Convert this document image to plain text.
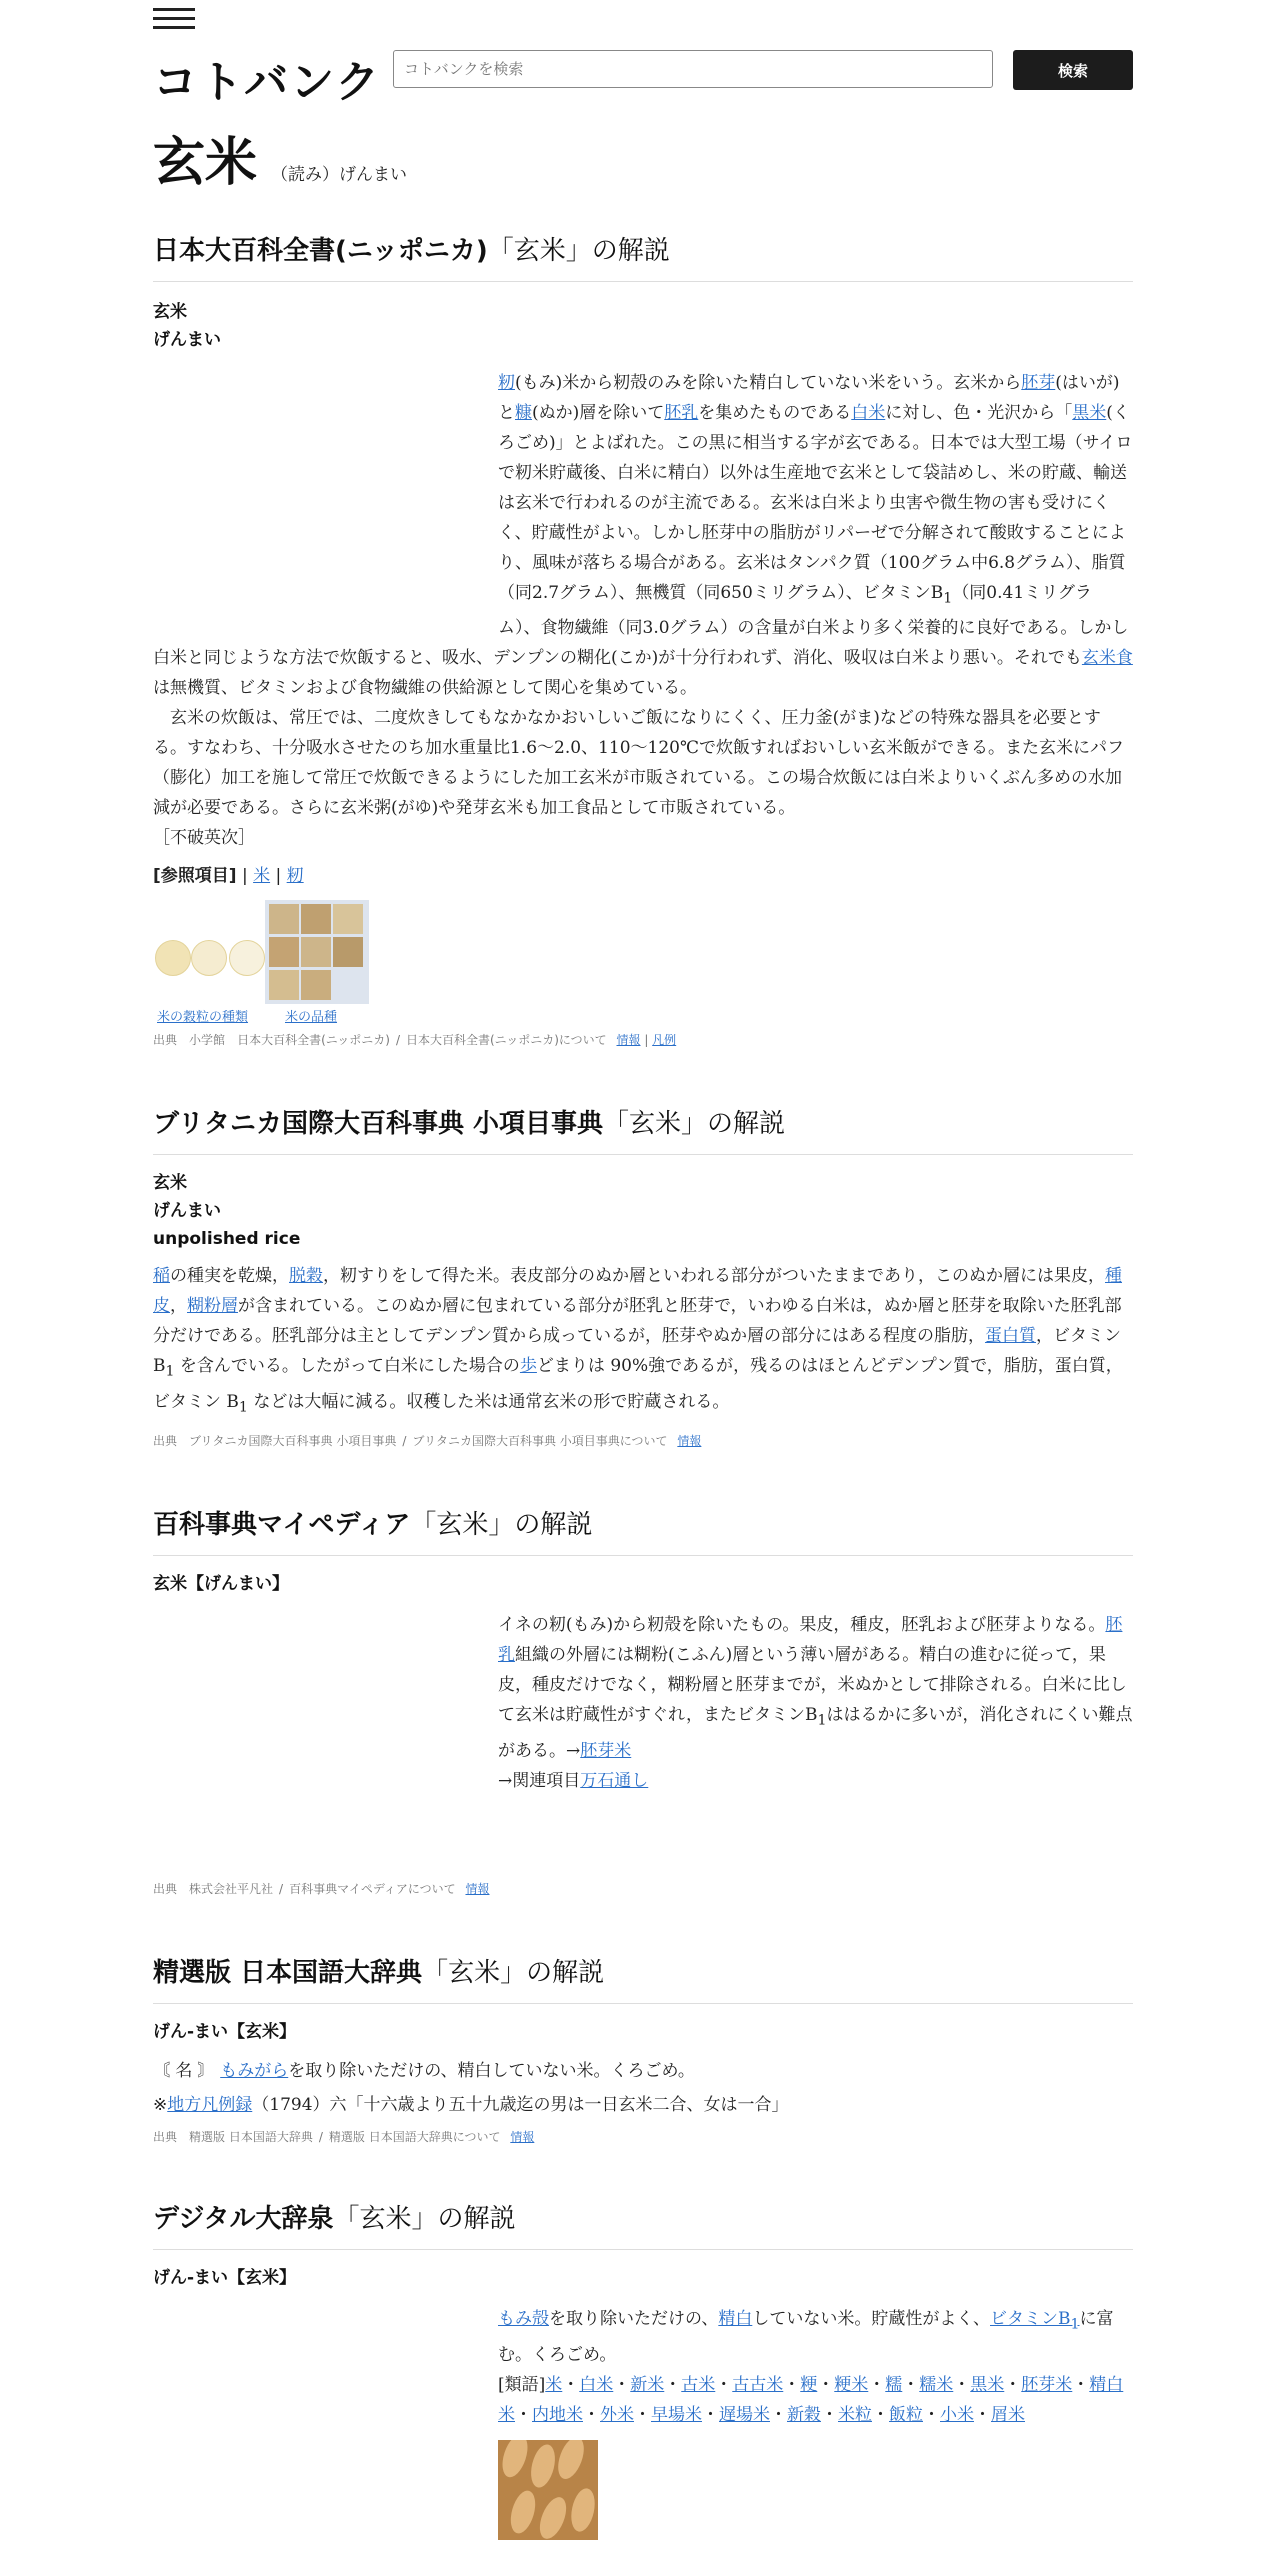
コトバンク
コトバンクを検索	検索
玄米 （読み）げんまい
日本大百科全書(ニッポニカ)「玄米」の解説
玄米
げんまい
籾(もみ)米から籾殻のみを除いた精白していない米をいう。玄米から胚芽(はいが)と糠(ぬか)層を除いて胚乳を集めたものである白米に対し、色・光沢から「黒米(くろごめ)」とよばれた。この黒に相当する字が玄である。日本では大型工場（サイロで籾米貯蔵後、白米に精白）以外は生産地で玄米として袋詰めし、米の貯蔵、輸送は玄米で行われるのが主流である。玄米は白米より虫害や微生物の害も受けにくく、貯蔵性がよい。しかし胚芽中の脂肪がリパーゼで分解されて酸敗することにより、風味が落ちる場合がある。玄米はタンパク質（100グラム中6.8グラム）、脂質（同2.7グラム）、無機質（同650ミリグラム）、ビタミン$B_1$（同0.41ミリグラム）、食物繊維（同3.0グラム）の含量が白米より多く栄養的に良好である。しかし白米と同じような方法で炊飯すると、吸水、デンプンの糊化(こか)が十分行われず、消化、吸収は白米より悪い。それでも玄米食は無機質、ビタミンおよび食物繊維の供給源として関心を集めている。
　玄米の炊飯は、常圧では、二度炊きしてもなかなかおいしいご飯になりにくく、圧力釜(がま)などの特殊な器具を必要とする。すなわち、十分吸水させたのち加水重量比1.6～2.0、110～120℃で炊飯すればおいしい玄米飯ができる。また玄米にパフ（膨化）加工を施して常圧で炊飯できるようにした加工玄米が市販されている。この場合炊飯には白米よりいくぶん多めの水加減が必要である。さらに玄米粥(がゆ)や発芽玄米も加工食品として市販されている。
［不破英次］
[参照項目] | 米 | 籾
米の穀粒の種類	米の品種
出典　 小学館　 日本大百科全書(ニッポニカ) / 日本大百科全書(ニッポニカ)について 情報 | 凡例
ブリタニカ国際大百科事典 小項目事典「玄米」の解説
玄米
げんまい
unpolished rice
稲の種実を乾燥，脱穀，籾すりをして得た米。表皮部分のぬか層といわれる部分がついたままであり，このぬか層には果皮，種皮，糊粉層が含まれている。このぬか層に包まれている部分が胚乳と胚芽で，いわゆる白米は，ぬか層と胚芽を取除いた胚乳部分だけである。胚乳部分は主としてデンプン質から成っているが，胚芽やぬか層の部分にはある程度の脂肪，蛋白質，ビタミン $B_1$ を含んでいる。したがって白米にした場合の歩どまりは 90%強であるが，残るのはほとんどデンプン質で，脂肪，蛋白質，ビタミン $B_1$ などは大幅に減る。収穫した米は通常玄米の形で貯蔵される。
出典　 ブリタニカ国際大百科事典 小項目事典 / ブリタニカ国際大百科事典 小項目事典について 情報
百科事典マイペディア「玄米」の解説
玄米【げんまい】
イネの籾(もみ)から籾殻を除いたもの。果皮，種皮，胚乳および胚芽よりなる。胚乳組織の外層には糊粉(こふん)層という薄い層がある。精白の進むに従って，果皮，種皮だけでなく，糊粉層と胚芽までが，米ぬかとして排除される。白米に比して玄米は貯蔵性がすぐれ，またビタミン$B_1$ははるかに多いが，消化されにくい難点がある。→胚芽米
→関連項目万石通し
出典　 株式会社平凡社 / 百科事典マイペディアについて 情報
精選版 日本国語大辞典「玄米」の解説
げん‐まい【玄米】
〘 名 〙 もみがらを取り除いただけの、精白していない米。くろごめ。
※地方凡例録（1794）六「十六歳より五十九歳迄の男は一日玄米二合、女は一合」
出典　 精選版 日本国語大辞典 / 精選版 日本国語大辞典について 情報
デジタル大辞泉「玄米」の解説
げん‐まい【玄米】
もみ殻を取り除いただけの、精白していない米。貯蔵性がよく、ビタミン$B_1$に富む。くろごめ。
[類語]米・白米・新米・古米・古古米・粳・粳米・糯・糯米・黒米・胚芽米・精白米・内地米・外米・早場米・遅場米・新穀・米粒・飯粒・小米・屑米
